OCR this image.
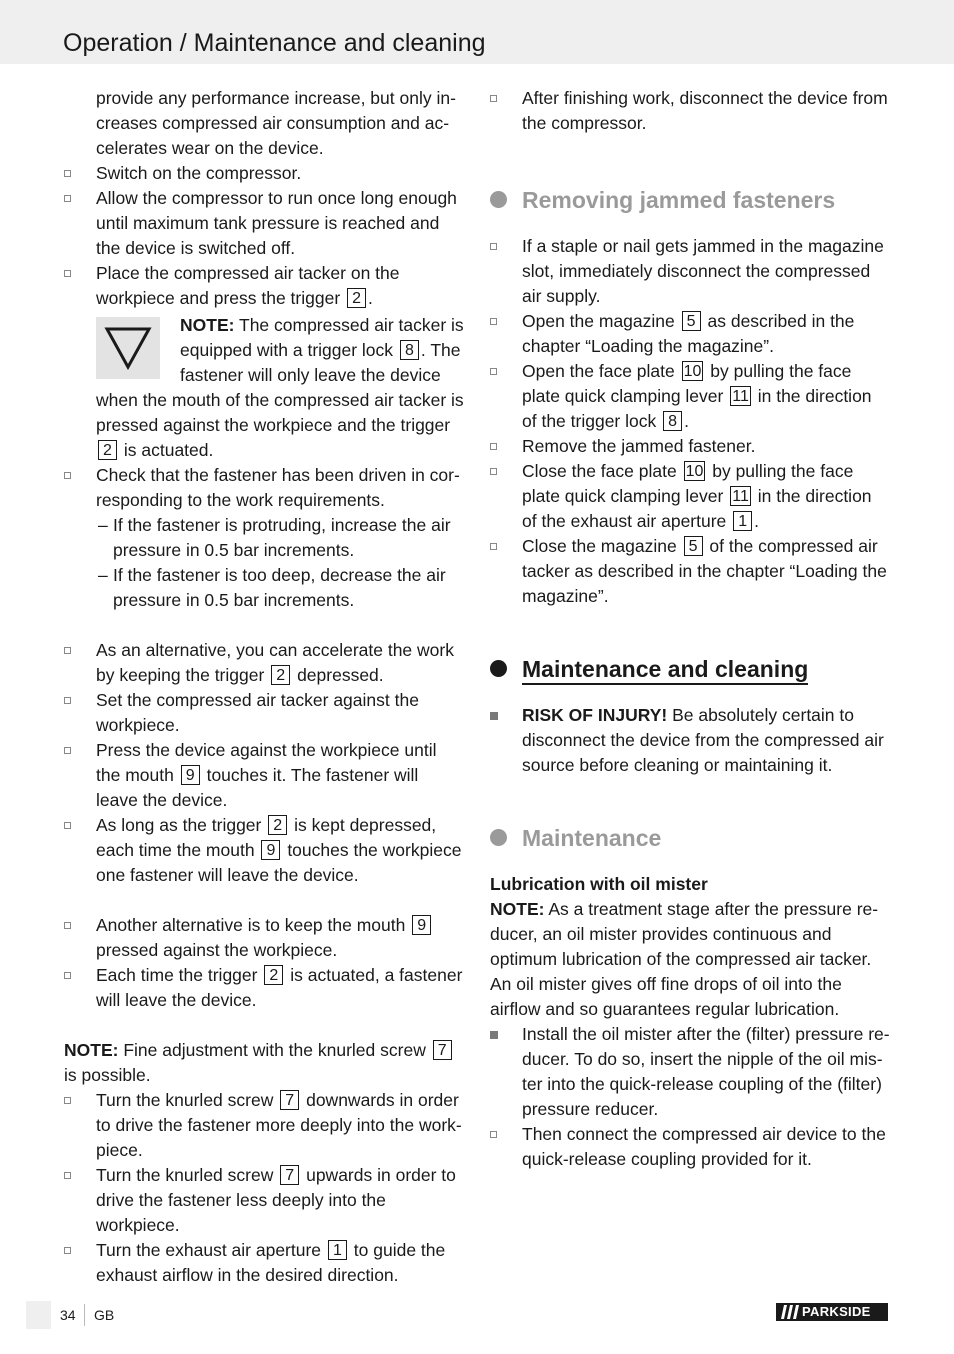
Operation / Maintenance and cleaning
provide any performance increase, but only increases compressed air consumption and accelerates wear on the device.
Switch on the compressor.
Allow the compressor to run once long enough until maximum tank pressure is reached and the device is switched off.
Place the compressed air tacker on the workpiece and press the trigger 2 .
NOTE: The compressed air tacker is equipped with a trigger lock 8 . The fastener will only leave the device
when the mouth of the compressed air tacker is pressed against the workpiece and the trigger 2 is actuated.
Check that the fastener has been driven in corresponding to the work requirements.
– If the fastener is protruding, increase the air pressure in 0.5 bar increments.
– If the fastener is too deep, decrease the air pressure in 0.5 bar increments.
As an alternative, you can accelerate the work by keeping the trigger 2 depressed.
Set the compressed air tacker against the workpiece.
Press the device against the workpiece until the mouth 9 touches it. The fastener will leave the device.
As long as the trigger 2 is kept depressed, each time the mouth 9 touches the workpiece one fastener will leave the device.
Another alternative is to keep the mouth 9 pressed against the workpiece.
Each time the trigger 2 is actuated, a fastener will leave the device.
NOTE: Fine adjustment with the knurled screw 7 is possible.
Turn the knurled screw 7 downwards in order to drive the fastener more deeply into the workpiece.
Turn the knurled screw 7 upwards in order to drive the fastener less deeply into the workpiece.
Turn the exhaust air aperture 1 to guide the exhaust airflow in the desired direction.
After finishing work, disconnect the device from the compressor.
Removing jammed fasteners
If a staple or nail gets jammed in the magazine slot, immediately disconnect the compressed air supply.
Open the magazine 5 as described in the chapter “Loading the magazine”.
Open the face plate 10 by pulling the face plate quick clamping lever 11 in the direction of the trigger lock 8 .
Remove the jammed fastener.
Close the face plate 10 by pulling the face plate quick clamping lever 11 in the direction of the exhaust air aperture 1 .
Close the magazine 5 of the compressed air tacker as described in the chapter “Loading the magazine”.
Maintenance and cleaning
RISK OF INJURY! Be absolutely certain to disconnect the device from the compressed air source before cleaning or maintaining it.
Maintenance
Lubrication with oil mister
NOTE: As a treatment stage after the pressure reducer, an oil mister provides continuous and optimum lubrication of the compressed air tacker. An oil mister gives off fine drops of oil into the airflow and so guarantees regular lubrication.
Install the oil mister after the (filter) pressure reducer. To do so, insert the nipple of the oil mister into the quick-release coupling of the (filter) pressure reducer.
Then connect the compressed air device to the quick-release coupling provided for it.
34 GB	PARKSIDE
